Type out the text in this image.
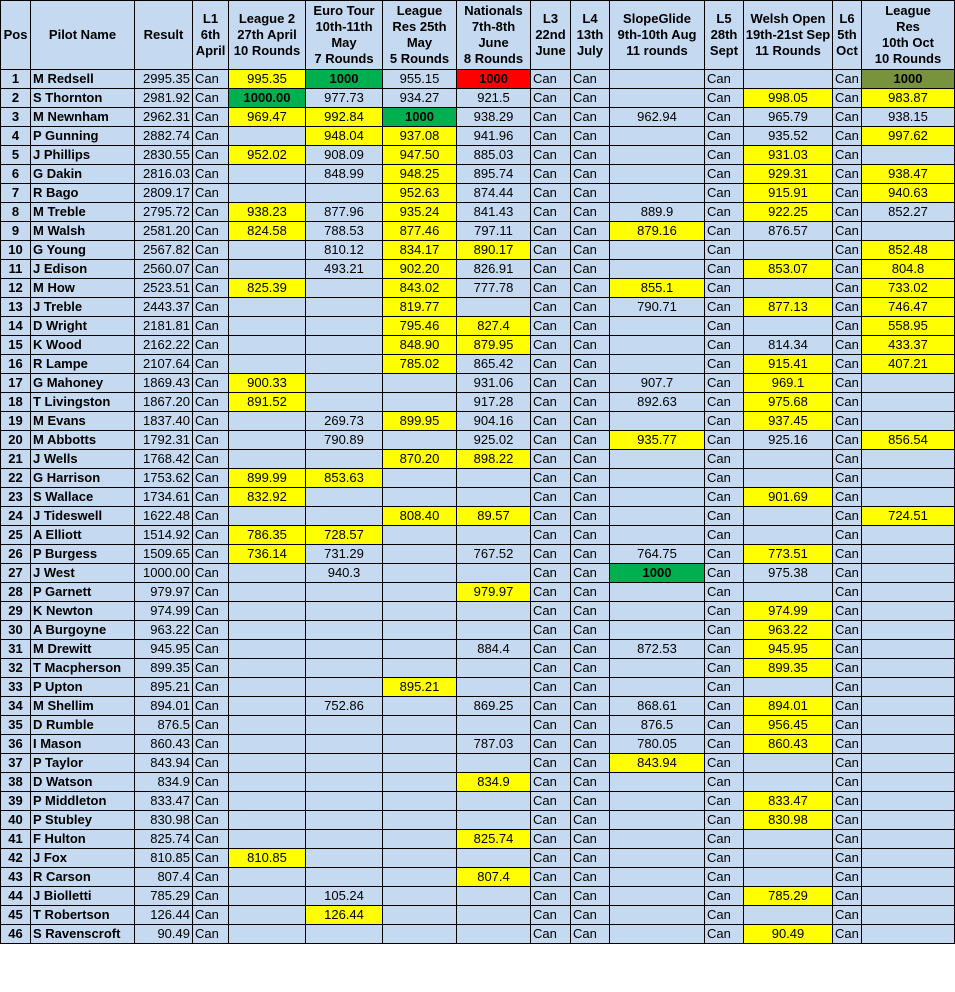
Pos	Pilot Name	Result	L1
6th
April	League 2
27th April
10 Rounds	Euro Tour
10th-11th
May
7 Rounds	League
Res 25th
May
5 Rounds	Nationals
7th-8th
June
8 Rounds	L3
22nd
June	L4
13th
July	SlopeGlide
9th-10th Aug
11 rounds	L5
28th
Sept	Welsh Open
19th-21st Sep
11 Rounds	L6
5th
Oct	League
Res
10th Oct
10 Rounds

1	M Redsell	2995.35	Can	995.35	1000	955.15	1000	Can	Can		Can		Can	1000
2	S Thornton	2981.92	Can	1000.00	977.73	934.27	921.5	Can	Can		Can	998.05	Can	983.87
3	M Newnham	2962.31	Can	969.47	992.84	1000	938.29	Can	Can	962.94	Can	965.79	Can	938.15
4	P Gunning	2882.74	Can		948.04	937.08	941.96	Can	Can		Can	935.52	Can	997.62
5	J Phillips	2830.55	Can	952.02	908.09	947.50	885.03	Can	Can		Can	931.03	Can	
6	G Dakin	2816.03	Can		848.99	948.25	895.74	Can	Can		Can	929.31	Can	938.47
7	R Bago	2809.17	Can			952.63	874.44	Can	Can		Can	915.91	Can	940.63
8	M Treble	2795.72	Can	938.23	877.96	935.24	841.43	Can	Can	889.9	Can	922.25	Can	852.27
9	M Walsh	2581.20	Can	824.58	788.53	877.46	797.11	Can	Can	879.16	Can	876.57	Can	
10	G Young	2567.82	Can		810.12	834.17	890.17	Can	Can		Can		Can	852.48
11	J Edison	2560.07	Can		493.21	902.20	826.91	Can	Can		Can	853.07	Can	804.8
12	M How	2523.51	Can	825.39		843.02	777.78	Can	Can	855.1	Can		Can	733.02
13	J Treble	2443.37	Can			819.77		Can	Can	790.71	Can	877.13	Can	746.47
14	D Wright	2181.81	Can			795.46	827.4	Can	Can		Can		Can	558.95
15	K Wood	2162.22	Can			848.90	879.95	Can	Can		Can	814.34	Can	433.37
16	R Lampe	2107.64	Can			785.02	865.42	Can	Can		Can	915.41	Can	407.21
17	G Mahoney	1869.43	Can	900.33			931.06	Can	Can	907.7	Can	969.1	Can	
18	T Livingston	1867.20	Can	891.52			917.28	Can	Can	892.63	Can	975.68	Can	
19	M Evans	1837.40	Can		269.73	899.95	904.16	Can	Can		Can	937.45	Can	
20	M Abbotts	1792.31	Can		790.89		925.02	Can	Can	935.77	Can	925.16	Can	856.54
21	J Wells	1768.42	Can			870.20	898.22	Can	Can		Can		Can	
22	G Harrison	1753.62	Can	899.99	853.63			Can	Can		Can		Can	
23	S Wallace	1734.61	Can	832.92				Can	Can		Can	901.69	Can	
24	J Tideswell	1622.48	Can			808.40	89.57	Can	Can		Can		Can	724.51
25	A Elliott	1514.92	Can	786.35	728.57			Can	Can		Can		Can	
26	P Burgess	1509.65	Can	736.14	731.29		767.52	Can	Can	764.75	Can	773.51	Can	
27	J West	1000.00	Can		940.3			Can	Can	1000	Can	975.38	Can	
28	P Garnett	979.97	Can				979.97	Can	Can		Can		Can	
29	K Newton	974.99	Can					Can	Can		Can	974.99	Can	
30	A Burgoyne	963.22	Can					Can	Can		Can	963.22	Can	
31	M Drewitt	945.95	Can				884.4	Can	Can	872.53	Can	945.95	Can	
32	T Macpherson	899.35	Can					Can	Can		Can	899.35	Can	
33	P Upton	895.21	Can			895.21		Can	Can		Can		Can	
34	M Shellim	894.01	Can		752.86		869.25	Can	Can	868.61	Can	894.01	Can	
35	D Rumble	876.5	Can					Can	Can	876.5	Can	956.45	Can	
36	I Mason	860.43	Can				787.03	Can	Can	780.05	Can	860.43	Can	
37	P Taylor	843.94	Can					Can	Can	843.94	Can		Can	
38	D Watson	834.9	Can				834.9	Can	Can		Can		Can	
39	P Middleton	833.47	Can					Can	Can		Can	833.47	Can	
40	P Stubley	830.98	Can					Can	Can		Can	830.98	Can	
41	F Hulton	825.74	Can				825.74	Can	Can		Can		Can	
42	J Fox	810.85	Can	810.85				Can	Can		Can		Can	
43	R Carson	807.4	Can				807.4	Can	Can		Can		Can	
44	J Biolletti	785.29	Can		105.24			Can	Can		Can	785.29	Can	
45	T Robertson	126.44	Can		126.44			Can	Can		Can		Can	
46	S Ravenscroft	90.49	Can					Can	Can		Can	90.49	Can	
